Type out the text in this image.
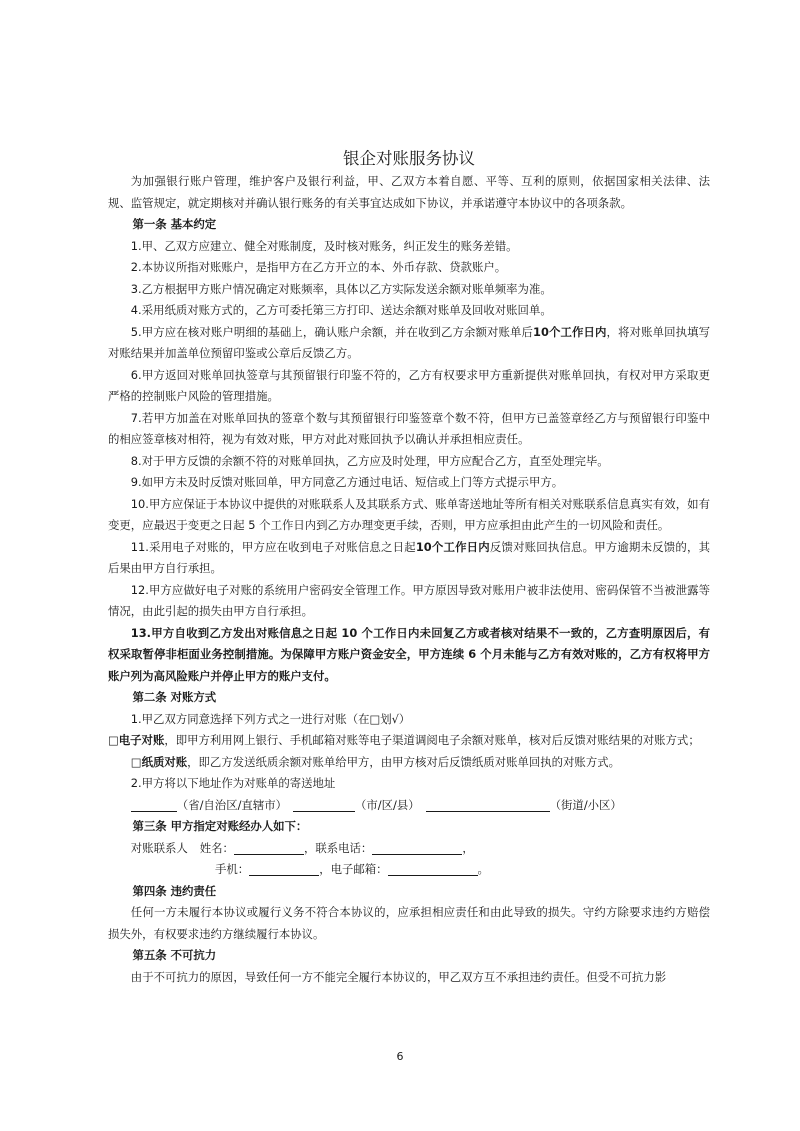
银企对账服务协议

为加强银行账户管理，维护客户及银行利益，甲、乙双方本着自愿、平等、互利的原则，依据国家相关法律、法规、监管规定，就定期核对并确认银行账务的有关事宜达成如下协议，并承诺遵守本协议中的各项条款。

第一条 基本约定

1.甲、乙双方应建立、健全对账制度，及时核对账务，纠正发生的账务差错。

2.本协议所指对账账户，是指甲方在乙方开立的本、外币存款、贷款账户。

3.乙方根据甲方账户情况确定对账频率，具体以乙方实际发送余额对账单频率为准。

4.采用纸质对账方式的，乙方可委托第三方打印、送达余额对账单及回收对账回单。

5.甲方应在核对账户明细的基础上，确认账户余额，并在收到乙方余额对账单后10个工作日内，将对账单回执填写对账结果并加盖单位预留印鉴或公章后反馈乙方。

6.甲方返回对账单回执签章与其预留银行印鉴不符的，乙方有权要求甲方重新提供对账单回执，有权对甲方采取更严格的控制账户风险的管理措施。

7.若甲方加盖在对账单回执的签章个数与其预留银行印鉴签章个数不符，但甲方已盖签章经乙方与预留银行印鉴中的相应签章核对相符，视为有效对账，甲方对此对账回执予以确认并承担相应责任。

8.对于甲方反馈的余额不符的对账单回执，乙方应及时处理，甲方应配合乙方，直至处理完毕。

9.如甲方未及时反馈对账回单，甲方同意乙方通过电话、短信或上门等方式提示甲方。

10.甲方应保证于本协议中提供的对账联系人及其联系方式、账单寄送地址等所有相关对账联系信息真实有效，如有变更，应最迟于变更之日起 5 个工作日内到乙方办理变更手续，否则，甲方应承担由此产生的一切风险和责任。

11.采用电子对账的，甲方应在收到电子对账信息之日起10个工作日内反馈对账回执信息。甲方逾期未反馈的，其后果由甲方自行承担。

12.甲方应做好电子对账的系统用户密码安全管理工作。甲方原因导致对账用户被非法使用、密码保管不当被泄露等情况，由此引起的损失由甲方自行承担。

13.甲方自收到乙方发出对账信息之日起 10 个工作日内未回复乙方或者核对结果不一致的，乙方查明原因后，有权采取暂停非柜面业务控制措施。为保障甲方账户资金安全，甲方连续 6 个月未能与乙方有效对账的，乙方有权将甲方账户列为高风险账户并停止甲方的账户支付。

第二条 对账方式

1.甲乙双方同意选择下列方式之一进行对账（在□划√）

□电子对账，即甲方利用网上银行、手机邮箱对账等电子渠道调阅电子余额对账单，核对后反馈对账结果的对账方式；

□纸质对账，即乙方发送纸质余额对账单给甲方，由甲方核对后反馈纸质对账单回执的对账方式。

2.甲方将以下地址作为对账单的寄送地址

（省/自治区/直辖市）	（市/区/县）	（街道/小区）

第三条 甲方指定对账经办人如下：

对账联系人 姓名：	，联系电话：	，

手机：	，电子邮箱：	。

第四条 违约责任

任何一方未履行本协议或履行义务不符合本协议的，应承担相应责任和由此导致的损失。守约方除要求违约方赔偿损失外，有权要求违约方继续履行本协议。

第五条 不可抗力

由于不可抗力的原因，导致任何一方不能完全履行本协议的，甲乙双方互不承担违约责任。但受不可抗力影

6
